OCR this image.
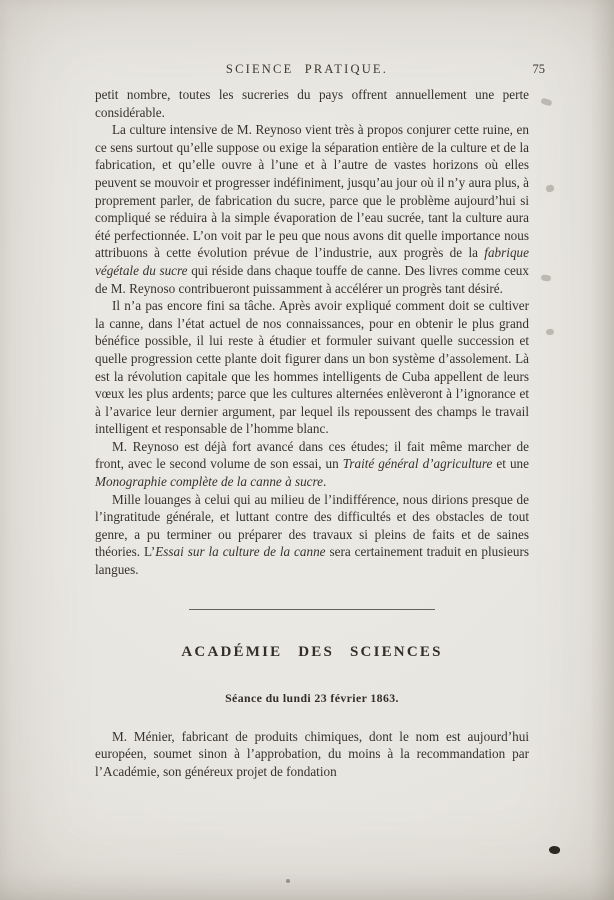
SCIENCE PRATIQUE.	75

petit nombre, toutes les sucreries du pays offrent annuellement une perte considérable.

La culture intensive de M. Reynoso vient très à propos conjurer cette ruine, en ce sens surtout qu’elle suppose ou exige la séparation entière de la culture et de la fabrication, et qu’elle ouvre à l’une et à l’autre de vastes horizons où elles peuvent se mouvoir et progresser indéfiniment, jusqu’au jour où il n’y aura plus, à proprement parler, de fabrication du sucre, parce que le problème aujourd’hui si compliqué se réduira à la simple évaporation de l’eau sucrée, tant la culture aura été perfectionnée. L’on voit par le peu que nous avons dit quelle importance nous attribuons à cette évolution prévue de l’industrie, aux progrès de la fabrique végétale du sucre qui réside dans chaque touffe de canne. Des livres comme ceux de M. Reynoso contribueront puissamment à accélérer un progrès tant désiré.

Il n’a pas encore fini sa tâche. Après avoir expliqué comment doit se cultiver la canne, dans l’état actuel de nos connaissances, pour en obtenir le plus grand bénéfice possible, il lui reste à étudier et formuler suivant quelle succession et quelle progression cette plante doit figurer dans un bon système d’assolement. Là est la révolution capitale que les hommes intelligents de Cuba appellent de leurs vœux les plus ardents; parce que les cultures alternées enlèveront à l’ignorance et à l’avarice leur dernier argument, par lequel ils repoussent des champs le travail intelligent et responsable de l’homme blanc.

M. Reynoso est déjà fort avancé dans ces études; il fait même marcher de front, avec le second volume de son essai, un Traité général d’agriculture et une Monographie complète de la canne à sucre.

Mille louanges à celui qui au milieu de l’indifférence, nous dirions presque de l’ingratitude générale, et luttant contre des difficultés et des obstacles de tout genre, a pu terminer ou préparer des travaux si pleins de faits et de saines théories. L’Essai sur la culture de la canne sera certainement traduit en plusieurs langues.

ACADÉMIE DES SCIENCES
Séance du lundi 23 février 1863.

M. Ménier, fabricant de produits chimiques, dont le nom est aujourd’hui européen, soumet sinon à l’approbation, du moins à la recommandation par l’Académie, son généreux projet de fondation
